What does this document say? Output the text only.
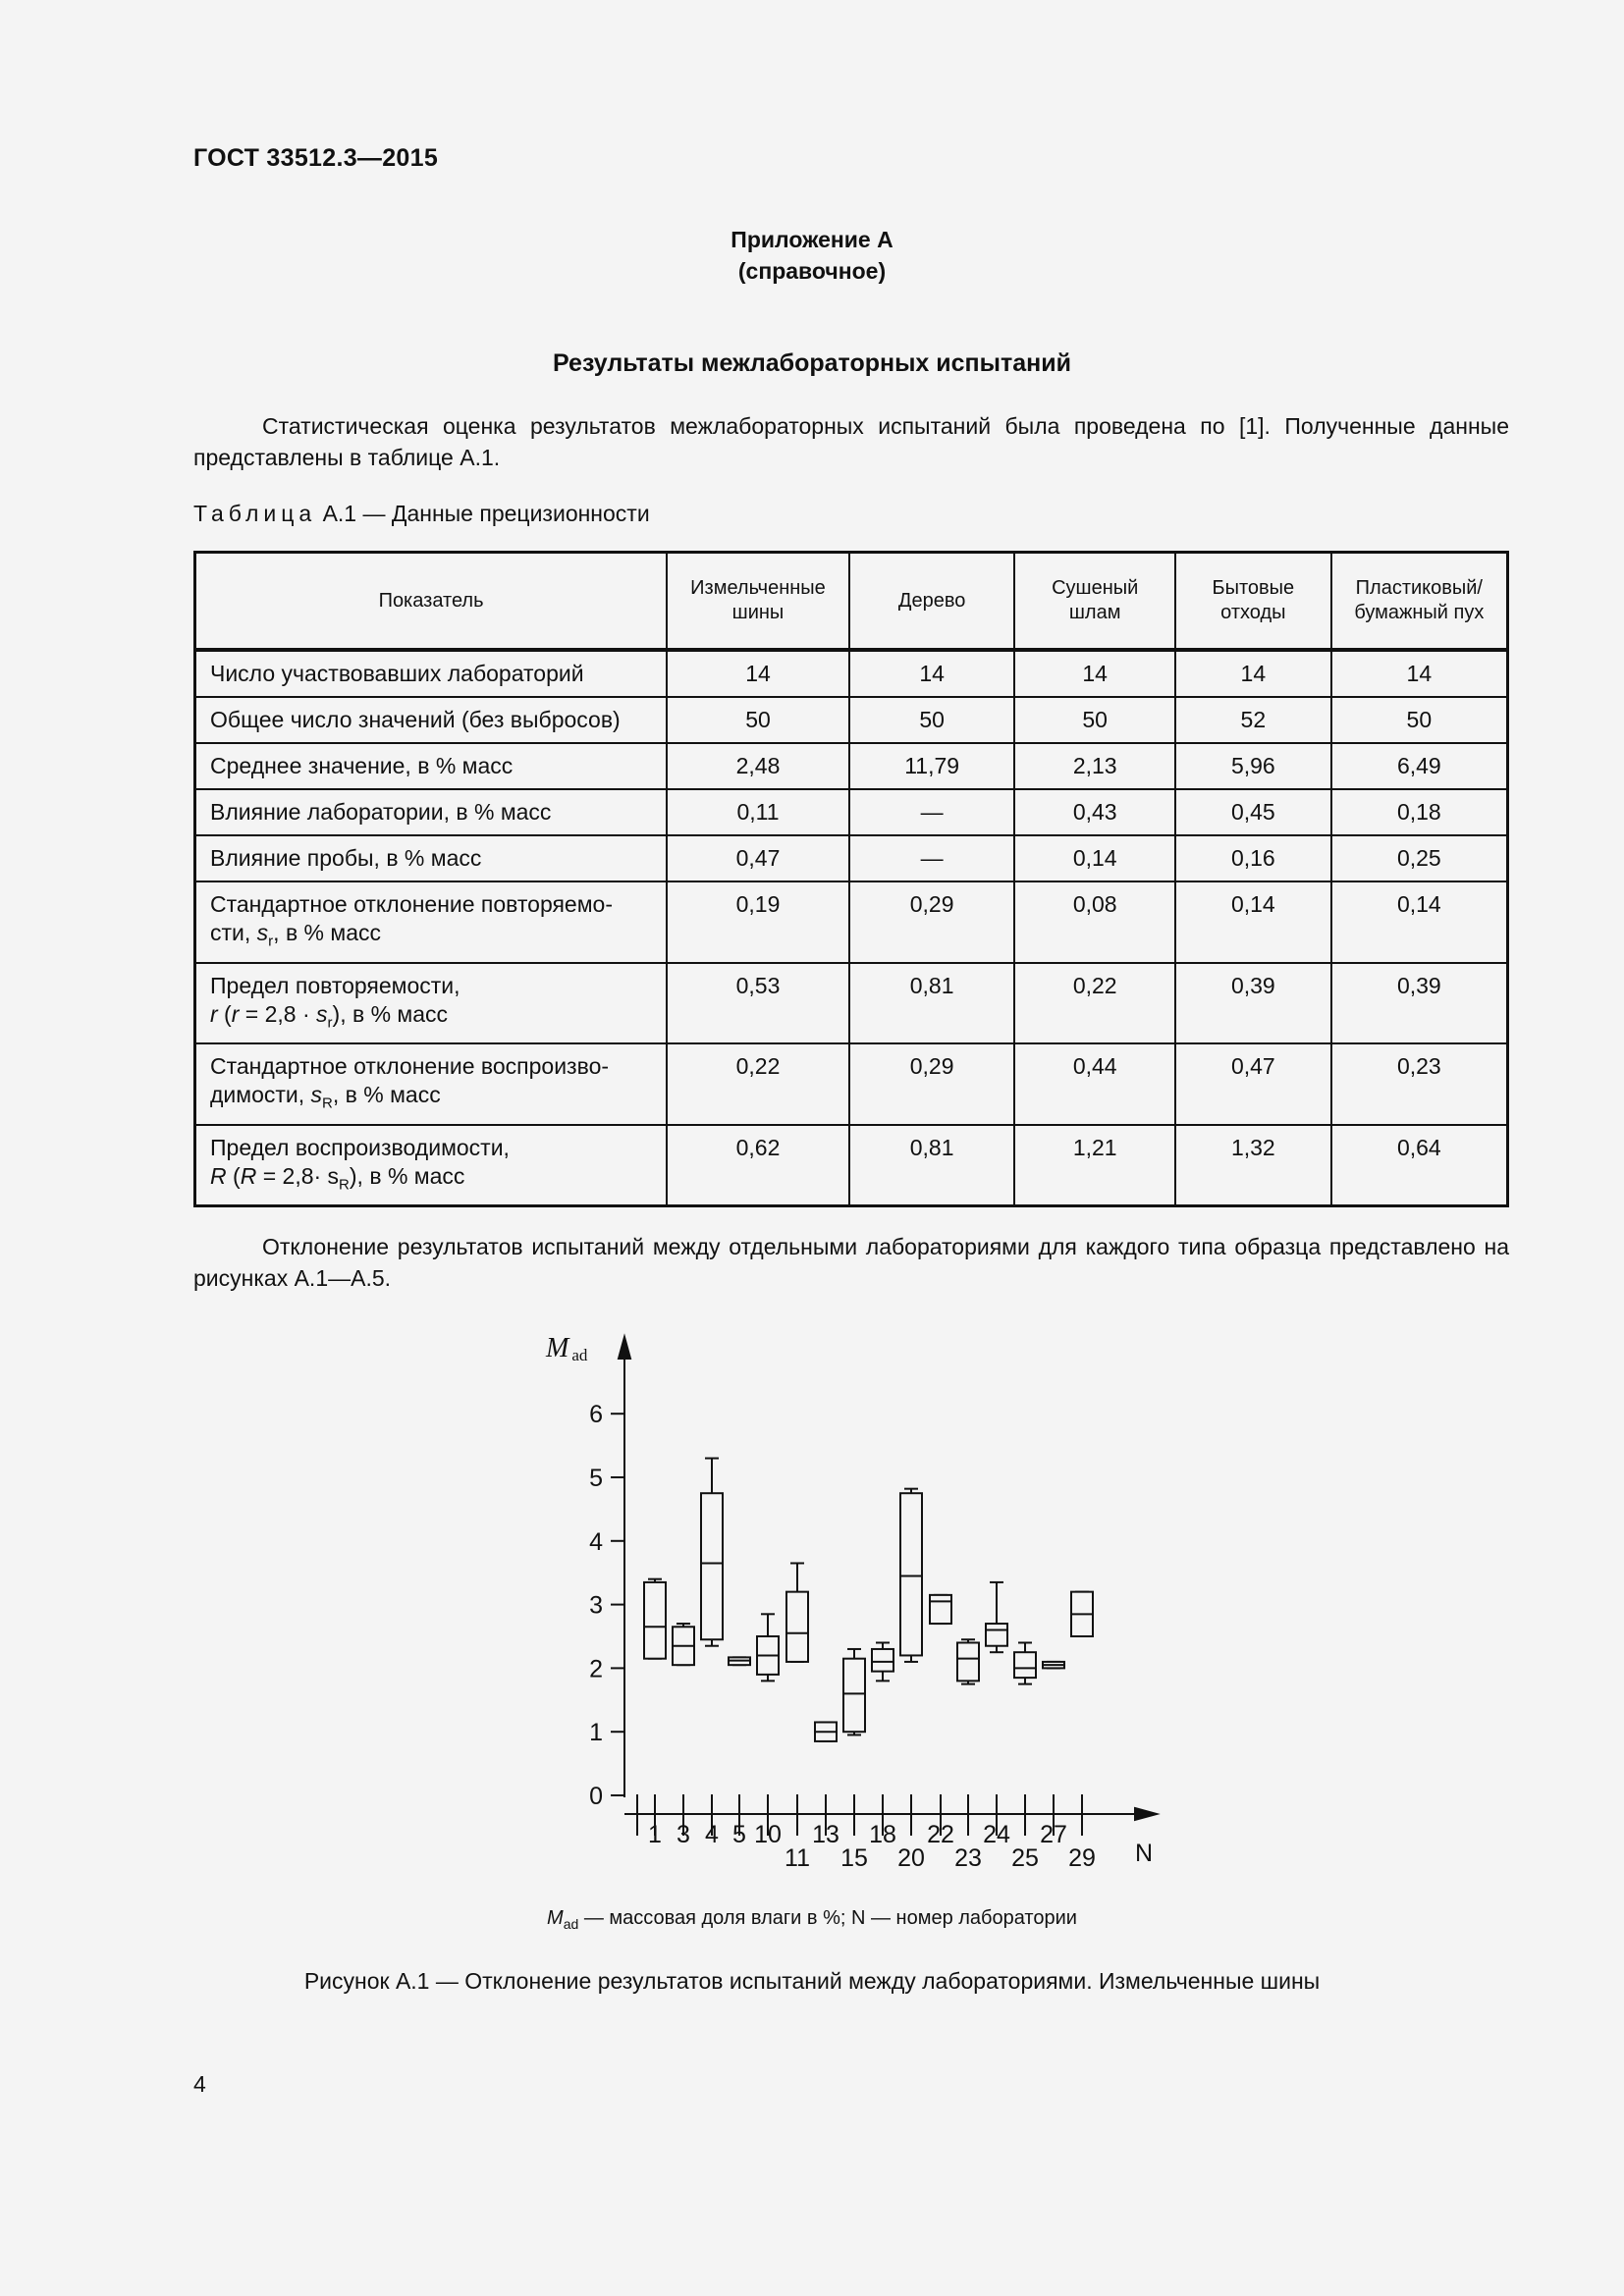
ГОСТ 33512.3—2015
Приложение А
(справочное)
Результаты межлабораторных испытаний
Статистическая оценка результатов межлабораторных испытаний была проведена по [1]. Полученные данные представлены в таблице А.1.
Таблица А.1 — Данные прецизионности
Показатель	Измельченные шины	Дерево	Сушеный шлам	Бытовые отходы	Пластиковый/ бумажный пух
Число участвовавших лабораторий	14	14	14	14	14
Общее число значений (без выбросов)	50	50	50	52	50
Среднее значение, в % масс	2,48	11,79	2,13	5,96	6,49
Влияние лаборатории, в % масс	0,11	—	0,43	0,45	0,18
Влияние пробы, в % масс	0,47	—	0,14	0,16	0,25

Стандартное отклонение повторяемо-
сти, $s_r$, в % масс	0,19	0,29	0,08	0,14	0,14

Предел повторяемости,
r $(r = 2,8 \cdot s_r)$, в % масс	0,53	0,81	0,22	0,39	0,39

Стандартное отклонение воспроизво-
димости, $s_R$, в % масс	0,22	0,29	0,44	0,47	0,23

Предел воспроизводимости,
R $(R = 2,8\cdot s_R)$, в % масс	0,62	0,81	1,21	1,32	0,64
Отклонение результатов испытаний между отдельными лабораториями для каждого типа образца представлено на рисунках А.1—А.5.
Mad
N
0
1
2
3
4
5
6
1 3 4 5 10 13 18 22 24 27
11 15 20 23 25 29
$M_{ad}$ — массовая доля влаги в %; N — номер лаборатории
Рисунок А.1 — Отклонение результатов испытаний между лабораториями. Измельченные шины
4
